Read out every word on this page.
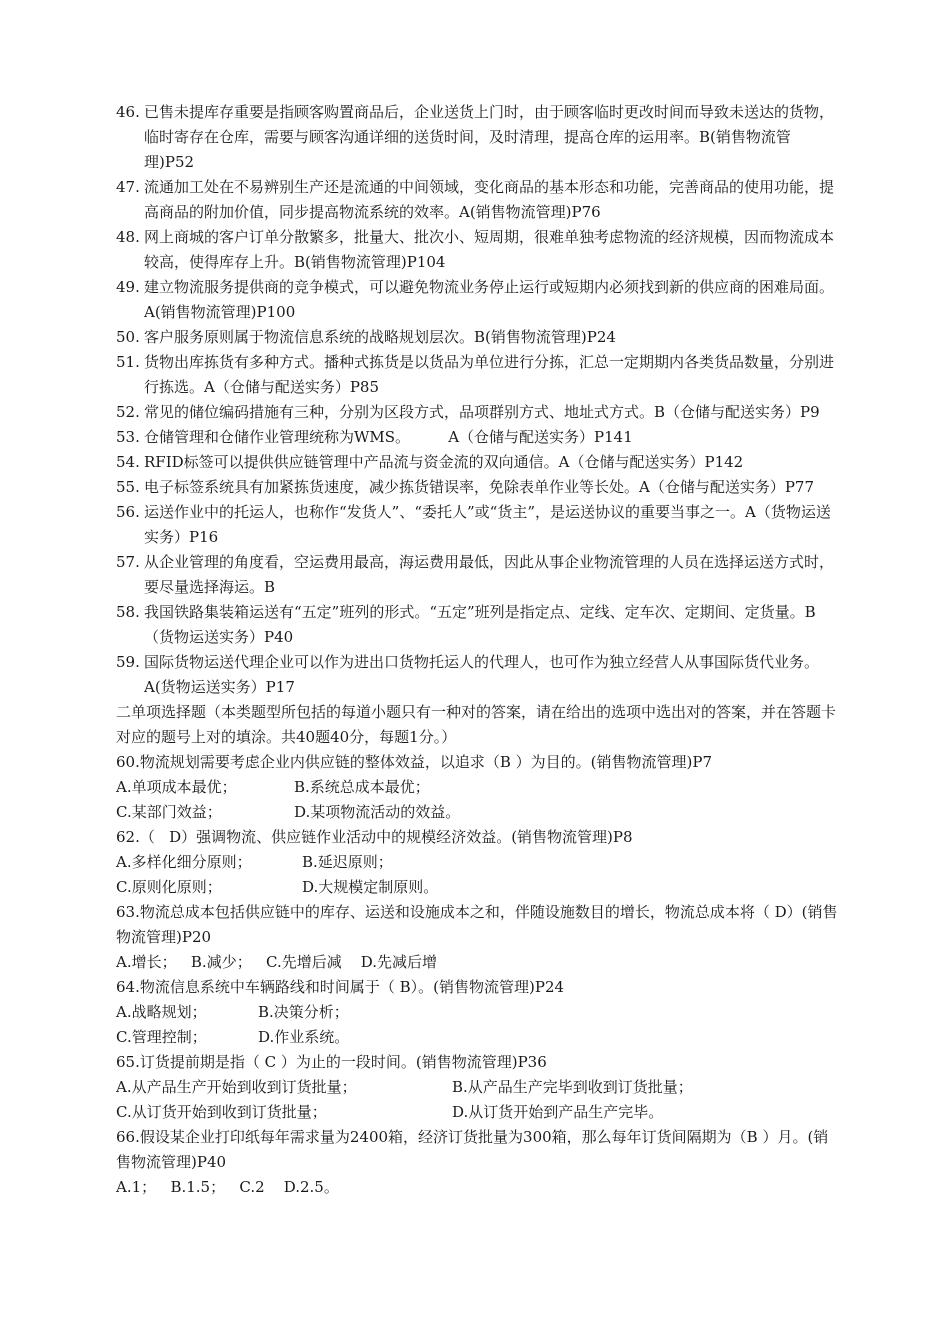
46. 已售未提库存重要是指顾客购置商品后，企业送货上门时，由于顾客临时更改时间而导致未送达的货物，临时寄存在仓库，需要与顾客沟通详细的送货时间，及时清理，提高仓库的运用率。B(销售物流管理)P52
47. 流通加工处在不易辨别生产还是流通的中间领域，变化商品的基本形态和功能，完善商品的使用功能，提高商品的附加价值，同步提高物流系统的效率。A(销售物流管理)P76
48. 网上商城的客户订单分散繁多，批量大、批次小、短周期，很难单独考虑物流的经济规模，因而物流成本较高，使得库存上升。B(销售物流管理)P104
49. 建立物流服务提供商的竞争模式，可以避免物流业务停止运行或短期内必须找到新的供应商的困难局面。A(销售物流管理)P100
50. 客户服务原则属于物流信息系统的战略规划层次。B(销售物流管理)P24
51. 货物出库拣货有多种方式。播种式拣货是以货品为单位进行分拣，汇总一定期期内各类货品数量，分别进行拣选。A（仓储与配送实务）P85
52. 常见的储位编码措施有三种，分别为区段方式，品项群别方式、地址式方式。B（仓储与配送实务）P9
53. 仓储管理和仓储作业管理统称为WMS。        A（仓储与配送实务）P141
54. RFID标签可以提供供应链管理中产品流与资金流的双向通信。A（仓储与配送实务）P142
55. 电子标签系统具有加紧拣货速度，减少拣货错误率，免除表单作业等长处。A（仓储与配送实务）P77
56. 运送作业中的托运人，也称作“发货人”、“委托人”或“货主”，是运送协议的重要当事之一。A（货物运送实务）P16
57. 从企业管理的角度看，空运费用最高，海运费用最低，因此从事企业物流管理的人员在选择运送方式时，要尽量选择海运。B
58. 我国铁路集装箱运送有“五定”班列的形式。“五定”班列是指定点、定线、定车次、定期间、定货量。B（货物运送实务）P40
59. 国际货物运送代理企业可以作为进出口货物托运人的代理人，也可作为独立经营人从事国际货代业务。A(货物运送实务）P17

二单项选择题（本类题型所包括的每道小题只有一种对的答案，请在给出的选项中选出对的答案，并在答题卡对应的题号上对的填涂。共40题40分，每题1分。）

60.物流规划需要考虑企业内供应链的整体效益，以追求（B ）为目的。(销售物流管理)P7

A.单项成本最优；	B.系统总成本最优；
C.某部门效益；	D.某项物流活动的效益。

62.（   D）强调物流、供应链作业活动中的规模经济效益。(销售物流管理)P8

A.多样化细分原则；	B.延迟原则；
C.原则化原则；	D.大规模定制原则。

63.物流总成本包括供应链中的库存、运送和设施成本之和，伴随设施数目的增长，物流总成本将（ D）(销售物流管理)P20

A.增长；   B.减少；   C.先增后减    D.先减后增

64.物流信息系统中车辆路线和时间属于（ B）。(销售物流管理)P24

A.战略规划；	B.决策分析；
C.管理控制；	D.作业系统。

65.订货提前期是指（ C ）为止的一段时间。(销售物流管理)P36

A.从产品生产开始到收到订货批量；	B.从产品生产完毕到收到订货批量；
C.从订货开始到收到订货批量；	D.从订货开始到产品生产完毕。

66.假设某企业打印纸每年需求量为2400箱，经济订货批量为300箱，那么每年订货间隔期为（B ）月。(销售物流管理)P40

A.1；   B.1.5；   C.2    D.2.5。
